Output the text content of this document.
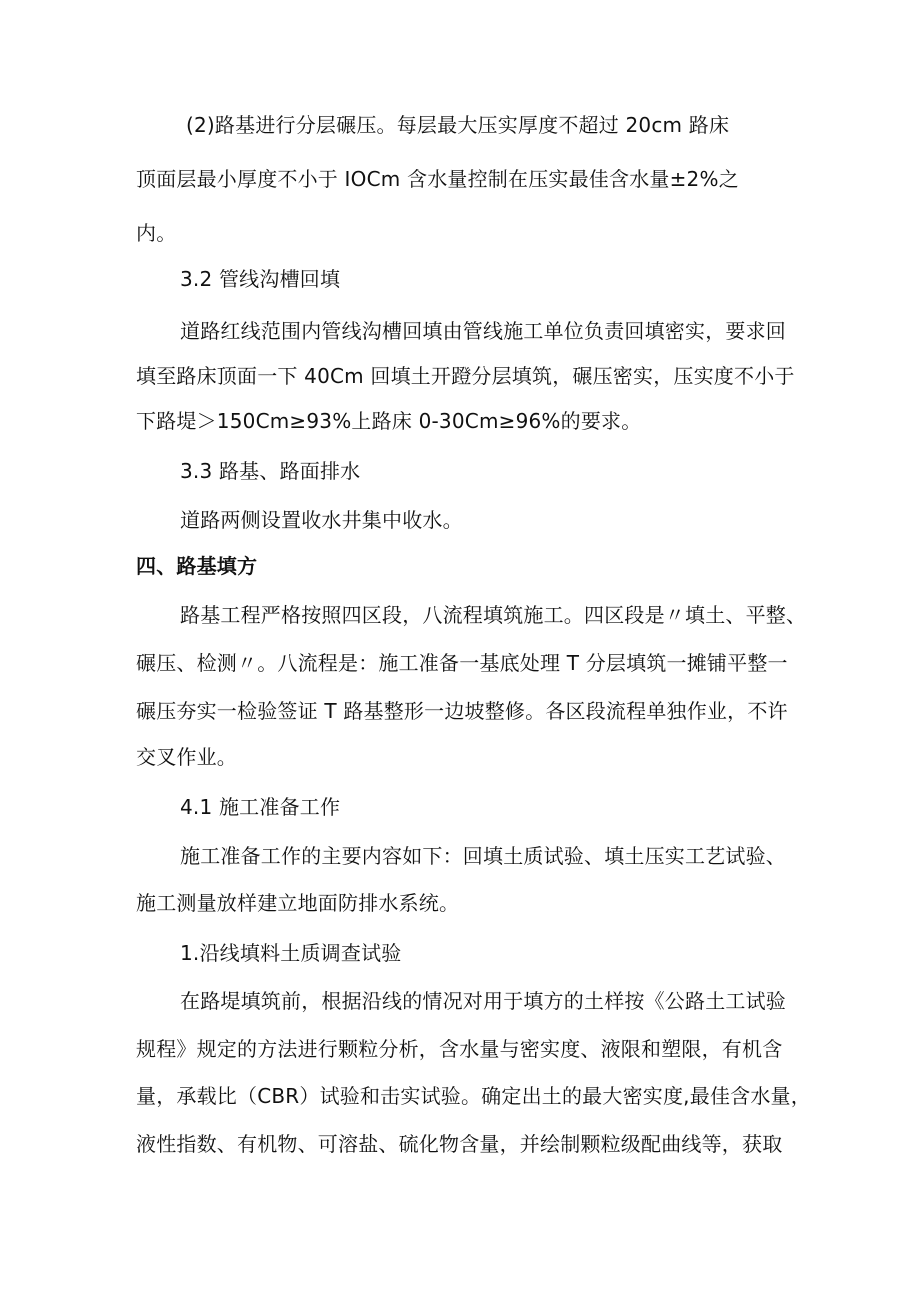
(2)路基进行分层碾压。每层最大压实厚度不超过 20cm 路床
顶面层最小厚度不小于 IOCm 含水量控制在压实最佳含水量±2%之
内。
3.2 管线沟槽回填
道路红线范围内管线沟槽回填由管线施工单位负责回填密实，要求回
填至路床顶面一下 40Cm 回填土开蹬分层填筑，碾压密实，压实度不小于
下路堤＞150Cm≥93%上路床 0-30Cm≥96%的要求。
3.3 路基、路面排水
道路两侧设置收水井集中收水。
四、路基填方
路基工程严格按照四区段，八流程填筑施工。四区段是〃填土、平整、
碾压、检测〃。八流程是：施工准备一基底处理 T 分层填筑一摊铺平整一
碾压夯实一检验签证 T 路基整形一边坡整修。各区段流程单独作业，不许
交叉作业。
4.1 施工准备工作
施工准备工作的主要内容如下：回填土质试验、填土压实工艺试验、
施工测量放样建立地面防排水系统。
1.沿线填料土质调查试验
在路堤填筑前，根据沿线的情况对用于填方的土样按《公路土工试验
规程》规定的方法进行颗粒分析，含水量与密实度、液限和塑限，有机含
量，承载比（CBR）试验和击实试验。确定出土的最大密实度,最佳含水量，
液性指数、有机物、可溶盐、硫化物含量，并绘制颗粒级配曲线等，获取
